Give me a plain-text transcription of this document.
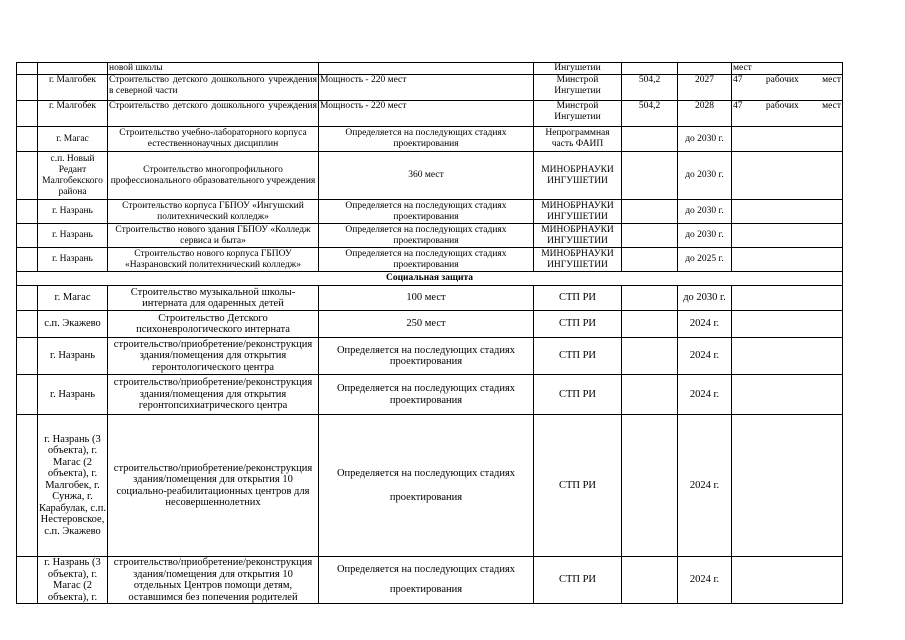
		новой школы		Ингушетии			мест
	г. Малгобек	Строительство детского дошкольного учреждения в северной части	Мощность - 220 мест	Минстрой Ингушетии	504,2	2027	47 рабочих мест
	г. Малгобек	Строительство детского дошкольного учреждения	Мощность - 220 мест	Минстрой Ингушетии	504,2	2028	47 рабочих мест
	г. Магас	Строительство учебно-лабораторного корпуса естественнонаучных дисциплин	Определяется на последующих стадиях проектирования	Непрограммная часть ФАИП		до 2030 г.	
	с.п. Новый Редант Малгобекского района	Строительство многопрофильного профессионального образовательного учреждения	360 мест	МИНОБРНАУКИ ИНГУШЕТИИ		до 2030 г.	
	г. Назрань	Строительство корпуса ГБПОУ «Ингушский политехнический колледж»	Определяется на последующих стадиях проектирования	МИНОБРНАУКИ ИНГУШЕТИИ		до 2030 г.	
	г. Назрань	Строительство нового здания ГБПОУ «Колледж сервиса и быта»	Определяется на последующих стадиях проектирования	МИНОБРНАУКИ ИНГУШЕТИИ		до 2030 г.	
	г. Назрань	Строительство нового корпуса ГБПОУ «Назрановский политехнический колледж»	Определяется на последующих стадиях проектирования	МИНОБРНАУКИ ИНГУШЕТИИ		до 2025 г.	
Социальная защита							
	г. Магас	Строительство музыкальной школы-интерната для одаренных детей	100 мест	СТП РИ		до 2030 г.	
	с.п. Экажево	Строительство Детского психоневрологического интерната	250 мест	СТП РИ		2024 г.	
	г. Назрань	строительство/приобретение/реконструкция здания/помещения для открытия геронтологического центра	Определяется на последующих стадиях проектирования	СТП РИ		2024 г.	
	г. Назрань	строительство/приобретение/реконструкция здания/помещения для открытия геронтопсихиатрического центра	Определяется на последующих стадиях проектирования	СТП РИ		2024 г.	
	г. Назрань (3 объекта), г. Магас (2 объекта), г. Малгобек, г. Сунжа, г. Карабулак, с.п. Нестеровское, с.п. Экажево	строительство/приобретение/реконструкция здания/помещения для открытия 10 социально-реабилитационных центров для несовершеннолетних	Определяется на последующих стадиях проектирования	СТП РИ		2024 г.	
	г. Назрань (3 объекта), г. Магас (2 объекта), г.	строительство/приобретение/реконструкция здания/помещения для открытия 10 отдельных Центров помощи детям, оставшимся без попечения родителей	Определяется на последующих стадиях проектирования	СТП РИ		2024 г.	
